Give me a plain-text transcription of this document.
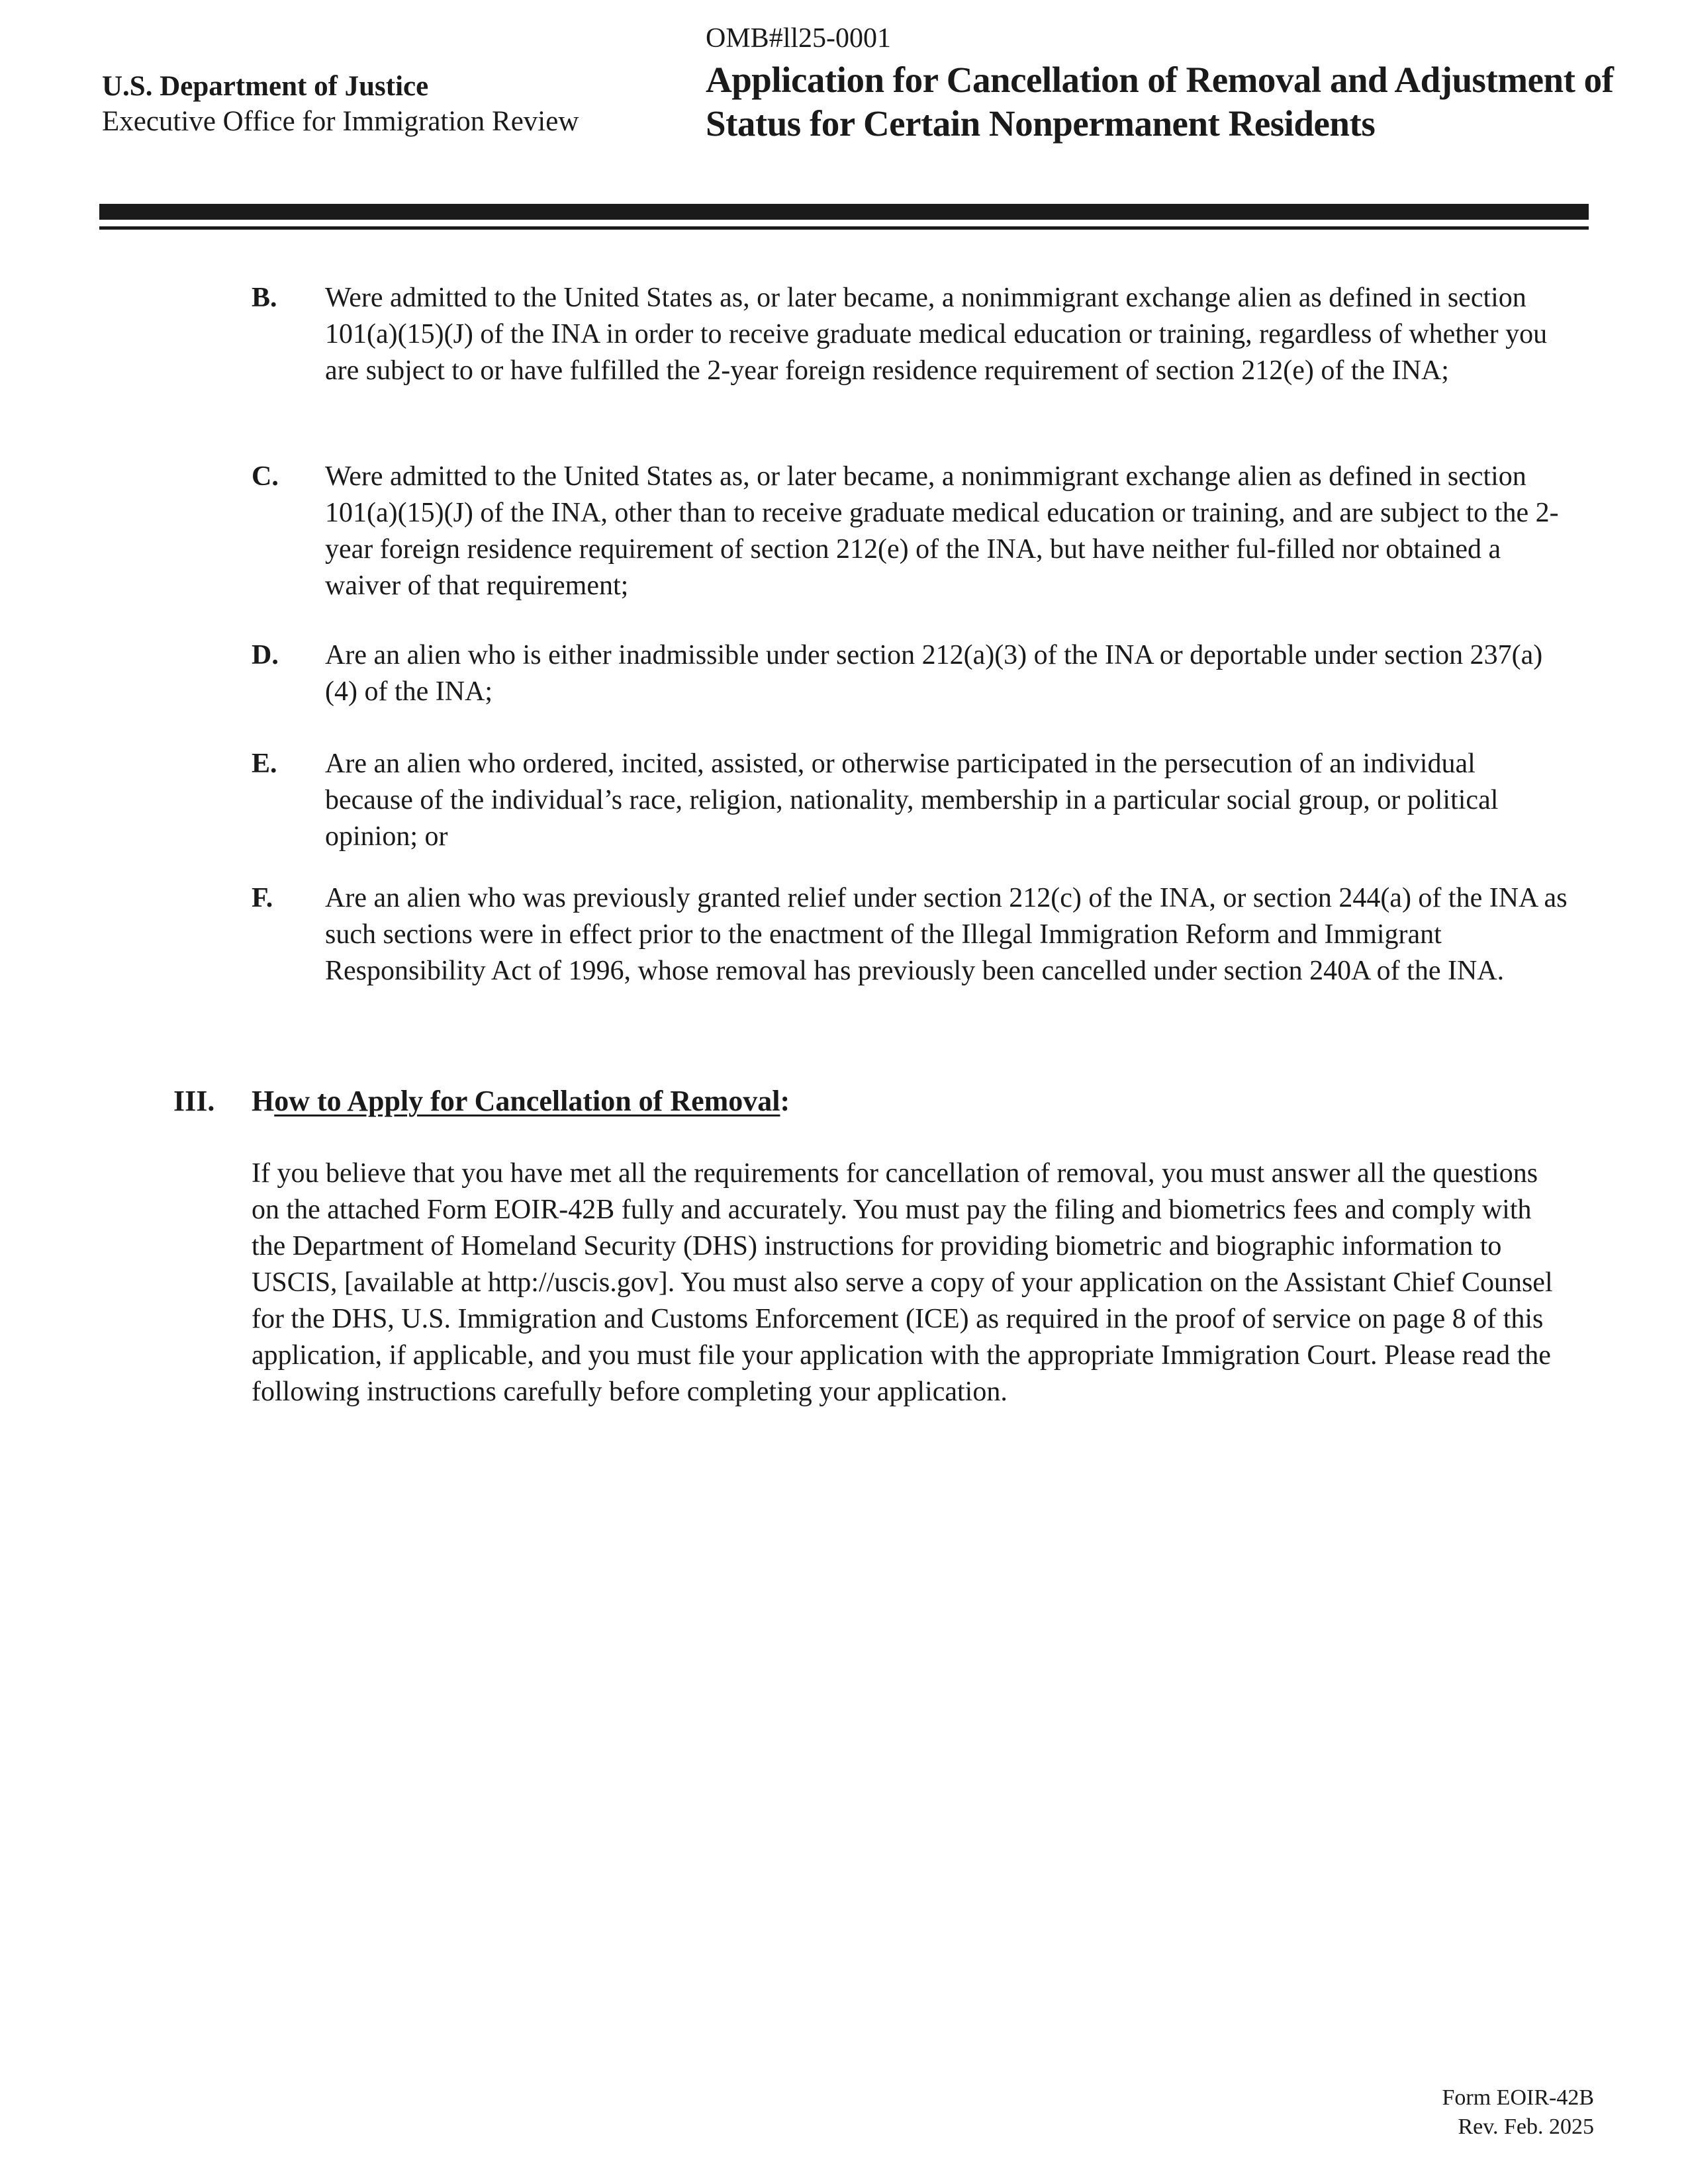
OMB#ll25-0001
U.S. Department of Justice
Executive Office for Immigration Review
Application for Cancellation of Removal and Adjustment of Status for Certain Nonpermanent Residents
B. Were admitted to the United States as, or later became, a nonimmigrant exchange alien as defined in section 101(a)(15)(J) of the INA in order to receive graduate medical education or training, regardless of whether you are subject to or have fulfilled the 2-year foreign residence requirement of section 212(e) of the INA;
C. Were admitted to the United States as, or later became, a nonimmigrant exchange alien as defined in section 101(a)(15)(J) of the INA, other than to receive graduate medical education or training, and are subject to the 2-year foreign residence requirement of section 212(e) of the INA, but have neither ful-filled nor obtained a waiver of that requirement;
D. Are an alien who is either inadmissible under section 212(a)(3) of the INA or deportable under section 237(a)(4) of the INA;
E. Are an alien who ordered, incited, assisted, or otherwise participated in the persecution of an individual because of the individual’s race, religion, nationality, membership in a particular social group, or political opinion; or
F. Are an alien who was previously granted relief under section 212(c) of the INA, or section 244(a) of the INA as such sections were in effect prior to the enactment of the Illegal Immigration Reform and Immigrant Responsibility Act of 1996, whose removal has previously been cancelled under section 240A of the INA.
III. How to Apply for Cancellation of Removal:
If you believe that you have met all the requirements for cancellation of removal, you must answer all the questions on the attached Form EOIR-42B fully and accurately. You must pay the filing and biometrics fees and comply with the Department of Homeland Security (DHS) instructions for providing biometric and biographic information to USCIS, [available at http://uscis.gov]. You must also serve a copy of your application on the Assistant Chief Counsel for the DHS, U.S. Immigration and Customs Enforcement (ICE) as required in the proof of service on page 8 of this application, if applicable, and you must file your application with the appropriate Immigration Court. Please read the following instructions carefully before completing your application.
Form EOIR-42B
Rev. Feb. 2025
